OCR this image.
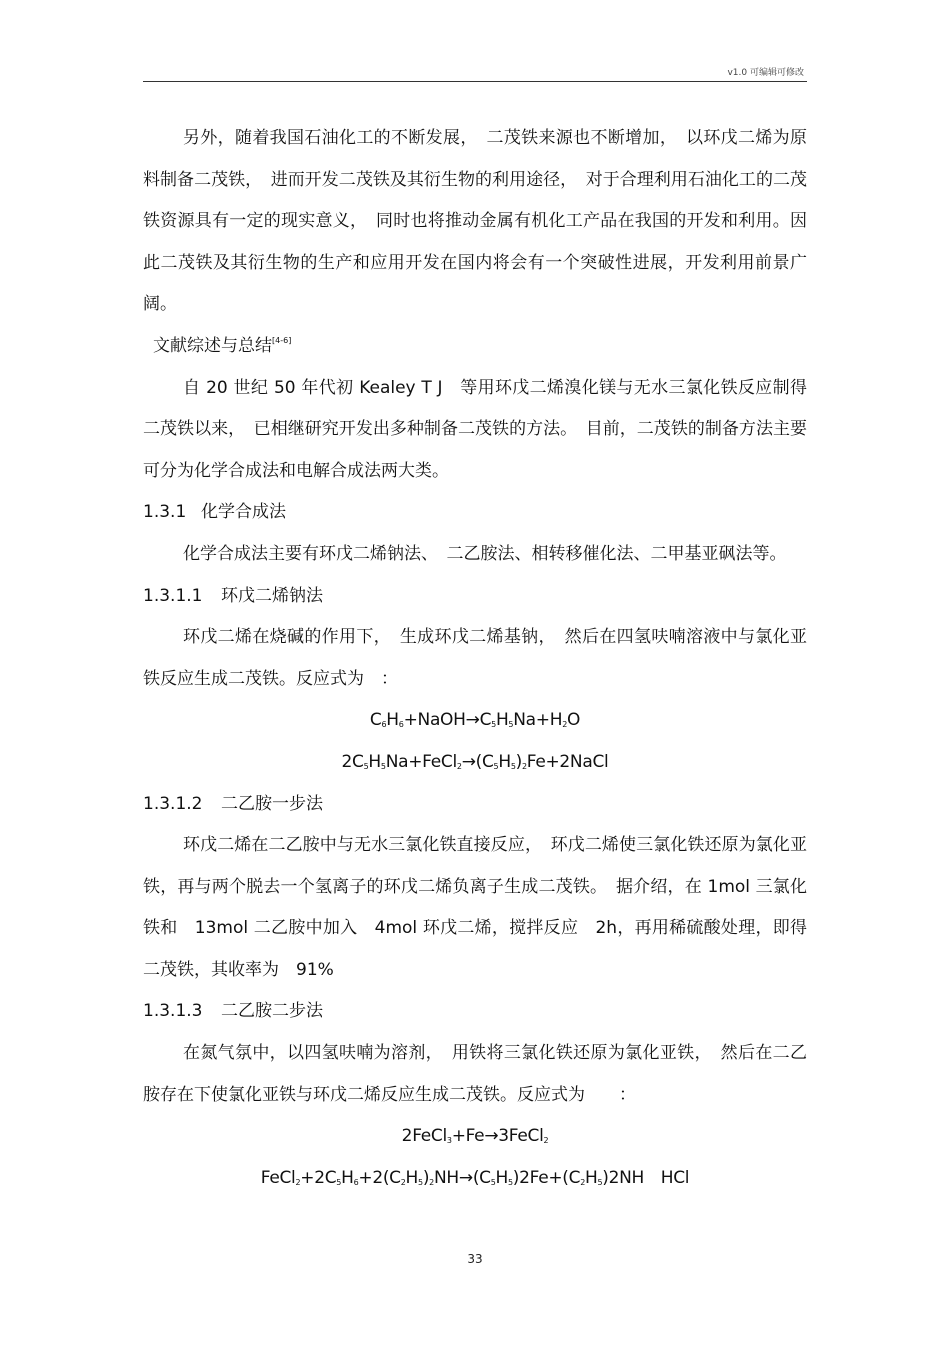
v1.0 可编辑可修改

另外，随着我国石油化工的不断发展，　二茂铁来源也不断增加，　以环戊二烯为原料制备二茂铁，　进而开发二茂铁及其衍生物的利用途径，　对于合理利用石油化工的二茂铁资源具有一定的现实意义，　同时也将推动金属有机化工产品在我国的开发和利用。因此二茂铁及其衍生物的生产和应用开发在国内将会有一个突破性进展，开发利用前景广阔。

文献综述与总结[4-6]

自 20 世纪 50 年代初 Kealey T J　等用环戊二烯溴化镁与无水三氯化铁反应制得二茂铁以来，　已相继研究开发出多种制备二茂铁的方法。　目前，二茂铁的制备方法主要可分为化学合成法和电解合成法两大类。

1.3.1 化学合成法

化学合成法主要有环戊二烯钠法、　二乙胺法、相转移催化法、二甲基亚砜法等。

1.3.1.1 环戊二烯钠法

环戊二烯在烧碱的作用下，　生成环戊二烯基钠，　然后在四氢呋喃溶液中与氯化亚铁反应生成二茂铁。反应式为　：

$C_6H_6+NaOH\to C_5H_5Na+H_2O$

$2C_5H_5Na+FeCl_2\to(C_5H_5)_2Fe+2NaCl$

1.3.1.2 二乙胺一步法

环戊二烯在二乙胺中与无水三氯化铁直接反应，　环戊二烯使三氯化铁还原为氯化亚铁，再与两个脱去一个氢离子的环戊二烯负离子生成二茂铁。　据介绍，在 1mol 三氯化铁和　13mol 二乙胺中加入　4mol 环戊二烯，搅拌反应　2h，再用稀硫酸处理，即得二茂铁，其收率为　91%

1.3.1.3 二乙胺二步法

在氮气氛中，以四氢呋喃为溶剂，　用铁将三氯化铁还原为氯化亚铁，　然后在二乙胺存在下使氯化亚铁与环戊二烯反应生成二茂铁。反应式为　　：

2FeCl$_3$+Fe→3FeCl$_2$

$FeCl_2+2C_5H_6+2(C_2H_5)_2NH\to(C_5H_5)2Fe+(C_2H_5)2NH$　HCl

33
